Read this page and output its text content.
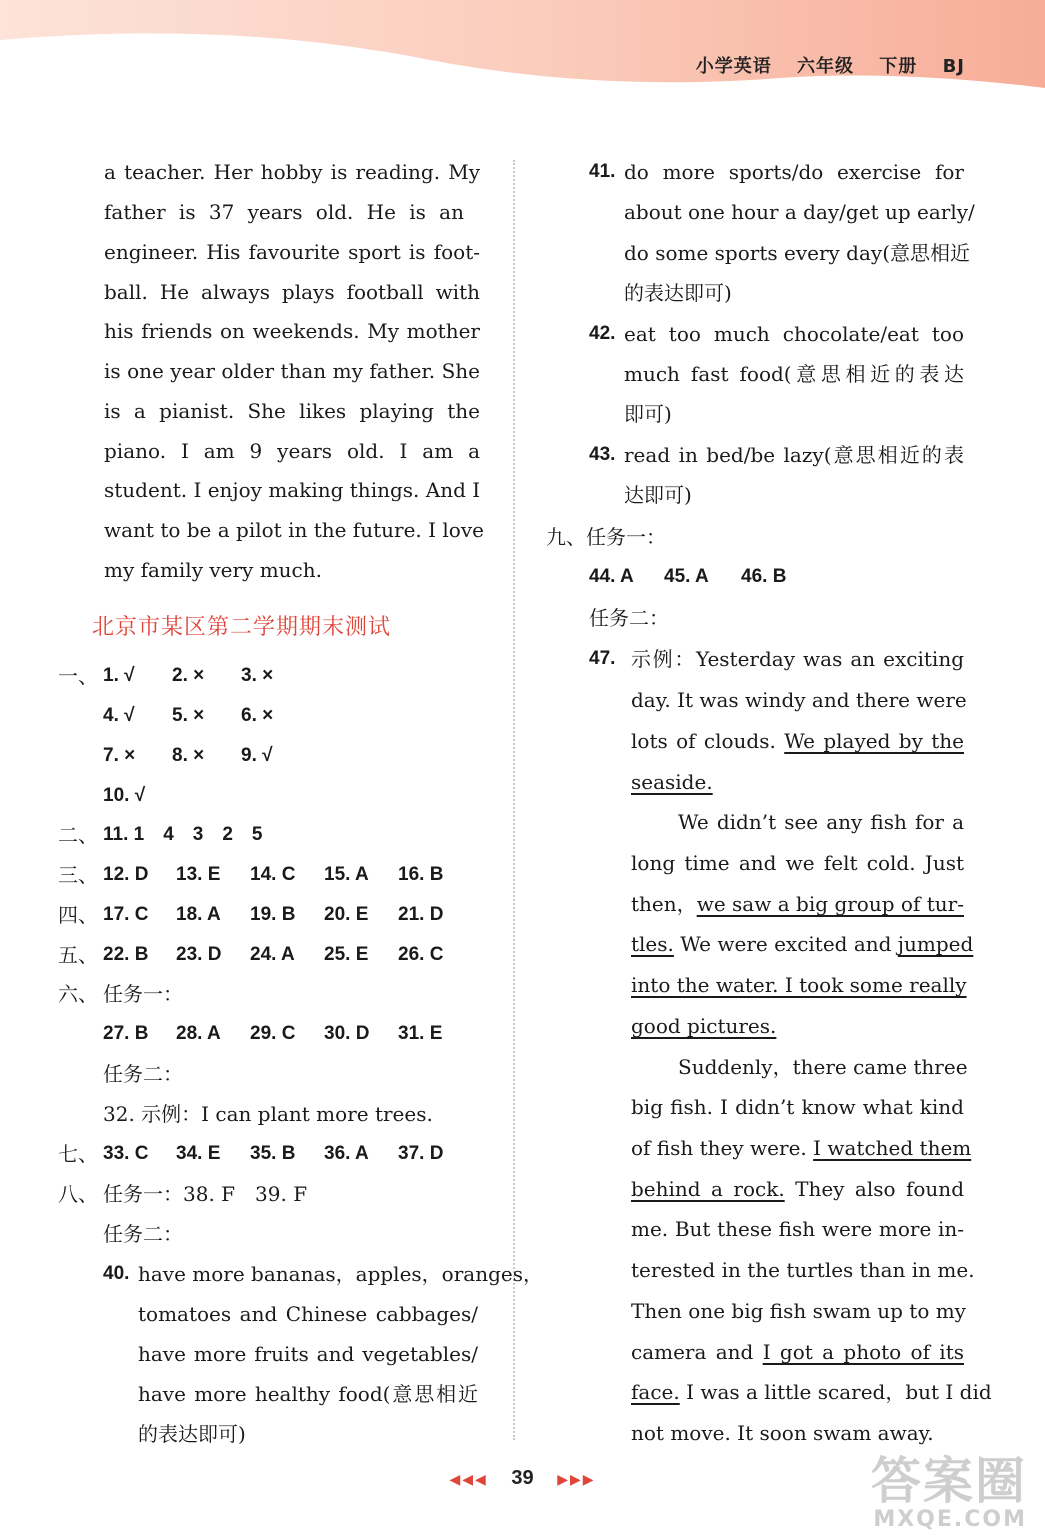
小学英语 六年级 下册 BJ
a teacher. Her hobby is reading. My
father is 37 years old. He is an
engineer. His favourite sport is foot-
ball. He always plays football with
his friends on weekends. My mother
is one year older than my father. She
is a pianist. She likes playing the
piano. I am 9 years old. I am a
student. I enjoy making things. And I
want to be a pilot in the future. I love
my family very much.
北京市某区第二学期期末测试
一、 1. √ 2. × 3. ×
4. √ 5. × 6. ×
7. × 8. × 9. √
10. √
二、 11. 1　4　3　2　5
三、 12. D 13. E 14. C 15. A 16. B
四、 17. C 18. A 19. B 20. E 21. D
五、 22. B 23. D 24. A 25. E 26. C
六、 任务一：
27. B 28. A 29. C 30. D 31. E
任务二：
32. 示例：I can plant more trees.
七、 33. C 34. E 35. B 36. A 37. D
八、 任务一：38. F　39. F
任务二：
40. have more bananas，apples，oranges，
tomatoes and Chinese cabbages/
have more fruits and vegetables/
have more healthy food(意思相近
的表达即可)
41. do more sports/do exercise for
about one hour a day/get up early/
do some sports every day(意思相近
的表达即可)
42. eat too much chocolate/eat too
much fast food(意思相近的表达
即可)
43. read in bed/be lazy(意思相近的表
达即可)
九、任务一：
44. A 45. A 46. B
任务二：
47. 示例：Yesterday was an exciting
day. It was windy and there were
lots of clouds. We played by the
seaside.
We didn’t see any fish for a
long time and we felt cold. Just
then，we saw a big group of tur-
tles. We were excited and jumped
into the water. I took some really
good pictures.
Suddenly，there came three
big fish. I didn’t know what kind
of fish they were. I watched them
behind a rock. They also found
me. But these fish were more in-
terested in the turtles than in me.
Then one big fish swam up to my
camera and I got a photo of its
face. I was a little scared，but I did
not move. It soon swam away.
◀◀◀ 39 ▶▶▶	答案圈
MXQE.COM
